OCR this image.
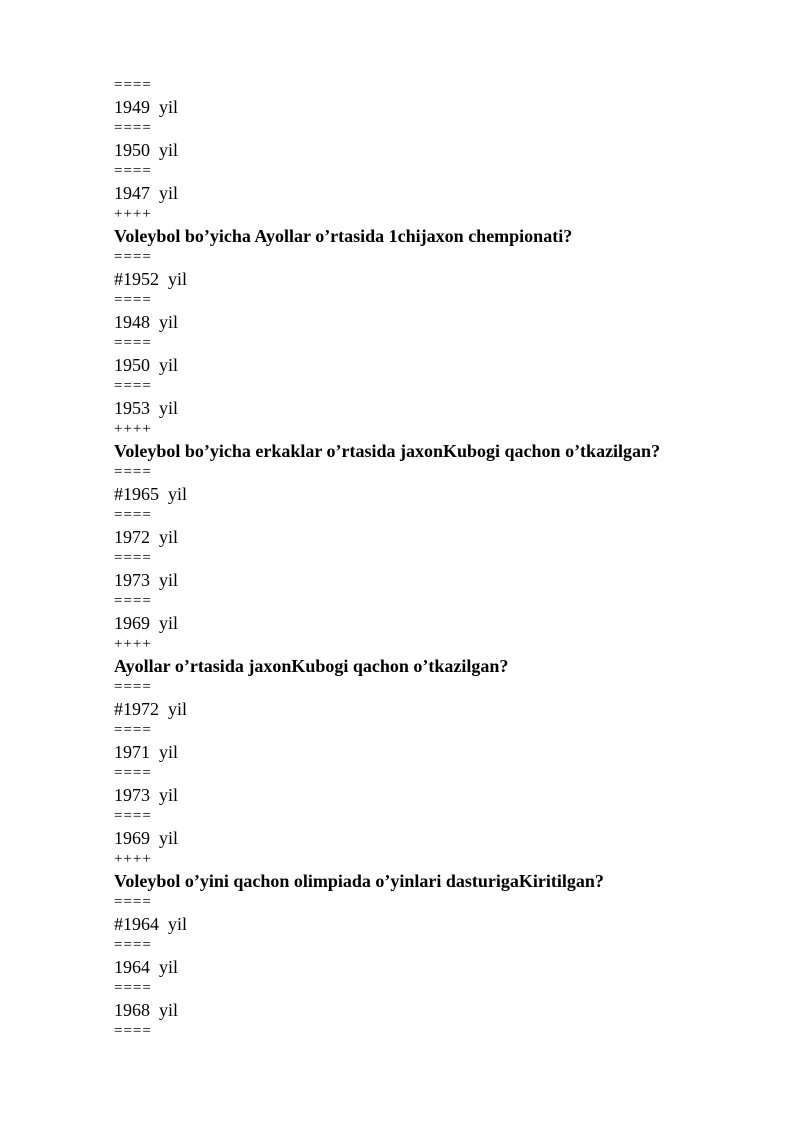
====
1949  yil
====
1950  yil
====
1947  yil
++++
Voleybol bo’yicha Ayollar o’rtasida 1chijaxon chempionati?
====
#1952  yil
====
1948  yil
====
1950  yil
====
1953  yil
++++
Voleybol bo’yicha erkaklar o’rtasida jaxonKubogi qachon o’tkazilgan?
====
#1965  yil
====
1972  yil
====
1973  yil
====
1969  yil
++++
Ayollar o’rtasida jaxonKubogi qachon o’tkazilgan?
====
#1972  yil
====
1971  yil
====
1973  yil
====
1969  yil
++++
Voleybol o’yini qachon olimpiada o’yinlari dasturigaKiritilgan?
====
#1964  yil
====
1964  yil
====
1968  yil
====
